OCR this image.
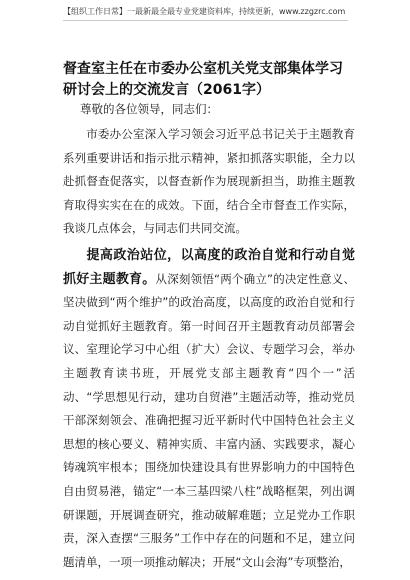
【组织工作日常】一最新最全最专业党建资料库，持续更新，www.zzgzrc.com
督查室主任在市委办公室机关党支部集体学习研讨会上的交流发言（2061字）
尊敬的各位领导，同志们：
市委办公室深入学习领会习近平总书记关于主题教育系列重要讲话和指示批示精神，紧扣抓落实职能，全力以赴抓督查促落实，以督查新作为展现新担当，助推主题教育取得实实在在的成效。下面，结合全市督查工作实际，我谈几点体会，与同志们共同交流。
提高政治站位，以高度的政治自觉和行动自觉抓好主题教育。从深刻领悟“两个确立”的决定性意义、坚决做到“两个维护”的政治高度，以高度的政治自觉和行动自觉抓好主题教育。第一时间召开主题教育动员部署会议、室理论学习中心组（扩大）会议、专题学习会，举办主题教育读书班，开展党支部主题教育“四个一”活动、“学思想见行动，建功自贸港”主题活动等，推动党员干部深刻领会、准确把握习近平新时代中国特色社会主义思想的核心要义、精神实质、丰富内涵、实践要求，凝心铸魂筑牢根本；围绕加快建设具有世界影响力的中国特色自由贸易港，锚定“一本三基四梁八柱”战略框架，列出调研课题，开展调查研究，推动破解难题；立足党办工作职责，深入查摆“三服务”工作中存在的问题和不足，建立问题清单，一项一项推动解决；开展“文山会海”专项整治，
